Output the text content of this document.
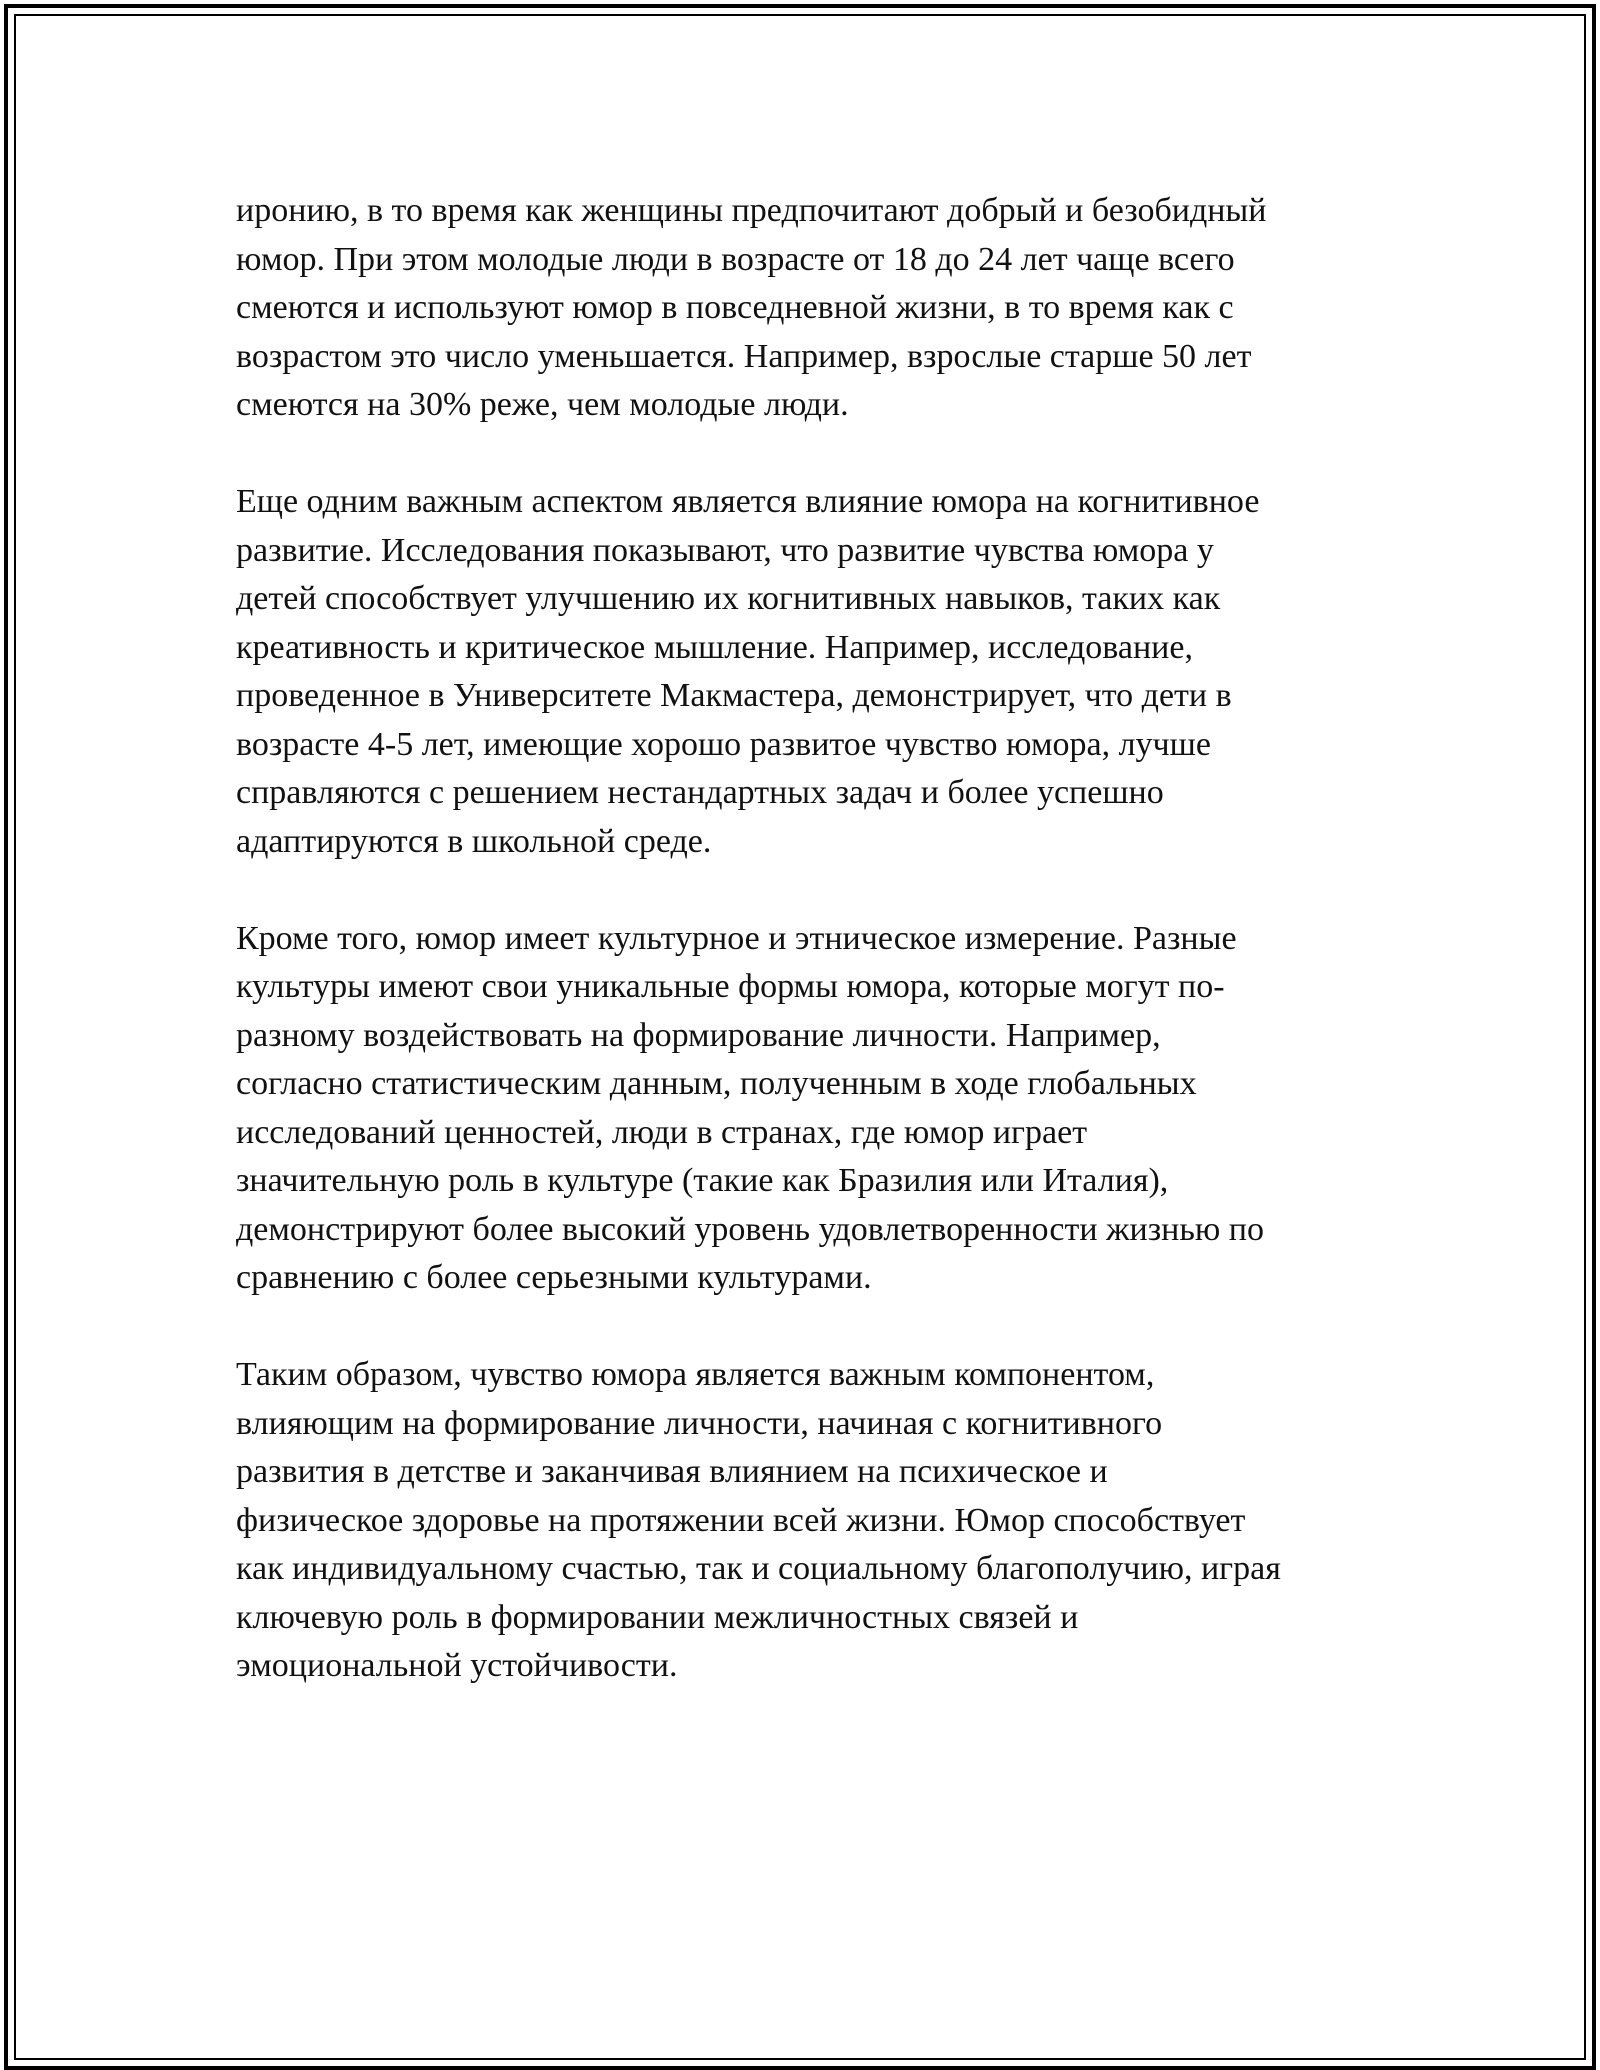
иронию, в то время как женщины предпочитают добрый и безобидный
юмор. При этом молодые люди в возрасте от 18 до 24 лет чаще всего
смеются и используют юмор в повседневной жизни, в то время как с
возрастом это число уменьшается. Например, взрослые старше 50 лет
смеются на 30% реже, чем молодые люди.

Еще одним важным аспектом является влияние юмора на когнитивное
развитие. Исследования показывают, что развитие чувства юмора у
детей способствует улучшению их когнитивных навыков, таких как
креативность и критическое мышление. Например, исследование,
проведенное в Университете Макмастера, демонстрирует, что дети в
возрасте 4-5 лет, имеющие хорошо развитое чувство юмора, лучше
справляются с решением нестандартных задач и более успешно
адаптируются в школьной среде.

Кроме того, юмор имеет культурное и этническое измерение. Разные
культуры имеют свои уникальные формы юмора, которые могут по-
разному воздействовать на формирование личности. Например,
согласно статистическим данным, полученным в ходе глобальных
исследований ценностей, люди в странах, где юмор играет
значительную роль в культуре (такие как Бразилия или Италия),
демонстрируют более высокий уровень удовлетворенности жизнью по
сравнению с более серьезными культурами.

Таким образом, чувство юмора является важным компонентом,
влияющим на формирование личности, начиная с когнитивного
развития в детстве и заканчивая влиянием на психическое и
физическое здоровье на протяжении всей жизни. Юмор способствует
как индивидуальному счастью, так и социальному благополучию, играя
ключевую роль в формировании межличностных связей и
эмоциональной устойчивости.
